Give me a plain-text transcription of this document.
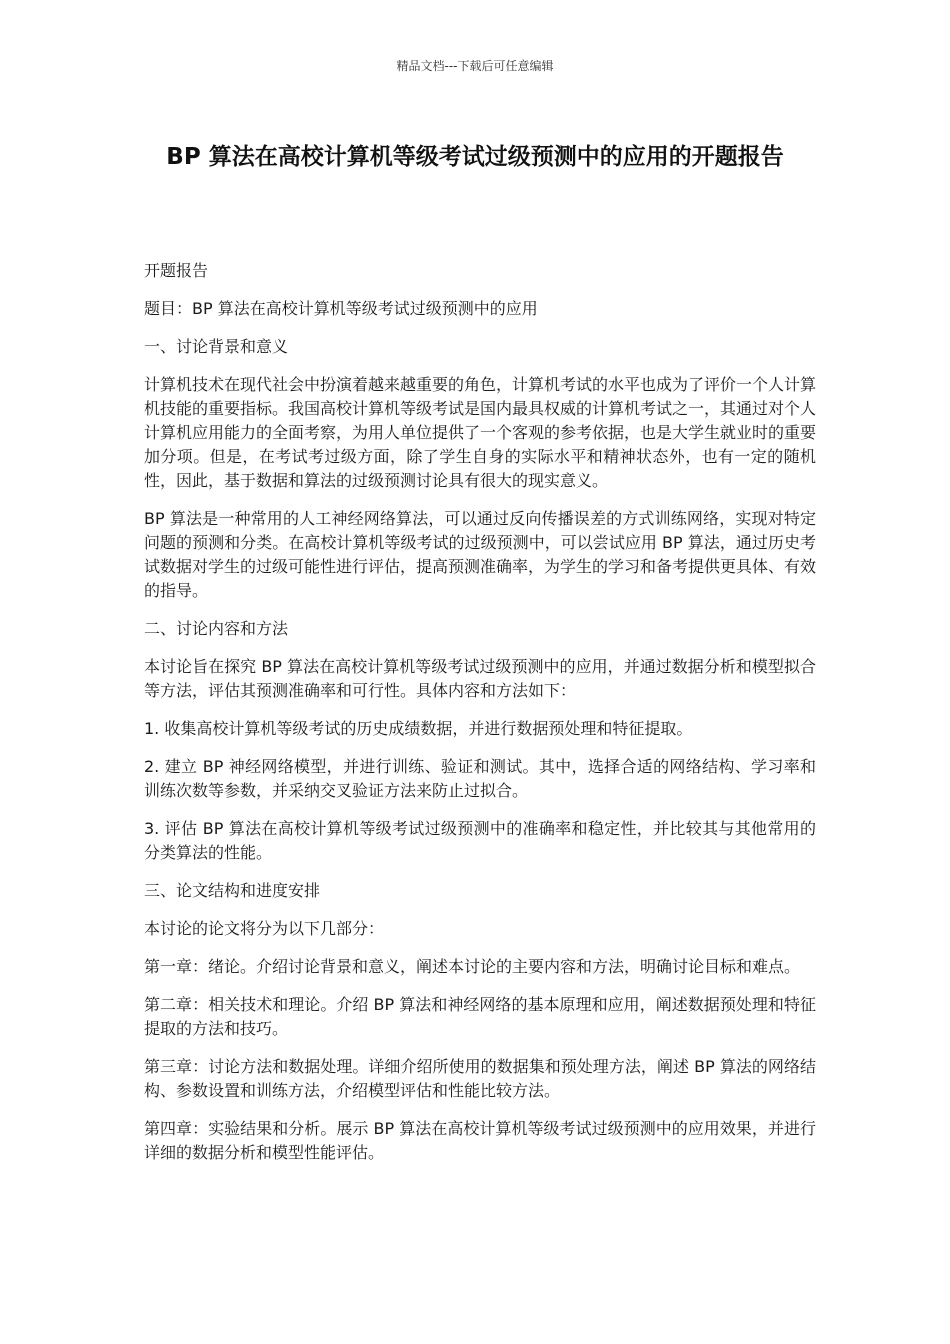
精品文档---下载后可任意编辑
BP 算法在高校计算机等级考试过级预测中的应用的开题报告

开题报告

题目：BP 算法在高校计算机等级考试过级预测中的应用

一、讨论背景和意义

计算机技术在现代社会中扮演着越来越重要的角色，计算机考试的水平也成为了评价一个人计算机技能的重要指标。我国高校计算机等级考试是国内最具权威的计算机考试之一，其通过对个人计算机应用能力的全面考察，为用人单位提供了一个客观的参考依据，也是大学生就业时的重要加分项。但是，在考试考过级方面，除了学生自身的实际水平和精神状态外，也有一定的随机性，因此，基于数据和算法的过级预测讨论具有很大的现实意义。

BP 算法是一种常用的人工神经网络算法，可以通过反向传播误差的方式训练网络，实现对特定问题的预测和分类。在高校计算机等级考试的过级预测中，可以尝试应用 BP 算法，通过历史考试数据对学生的过级可能性进行评估，提高预测准确率，为学生的学习和备考提供更具体、有效的指导。

二、讨论内容和方法

本讨论旨在探究 BP 算法在高校计算机等级考试过级预测中的应用，并通过数据分析和模型拟合等方法，评估其预测准确率和可行性。具体内容和方法如下：

1. 收集高校计算机等级考试的历史成绩数据，并进行数据预处理和特征提取。

2. 建立 BP 神经网络模型，并进行训练、验证和测试。其中，选择合适的网络结构、学习率和训练次数等参数，并采纳交叉验证方法来防止过拟合。

3. 评估 BP 算法在高校计算机等级考试过级预测中的准确率和稳定性，并比较其与其他常用的分类算法的性能。

三、论文结构和进度安排

本讨论的论文将分为以下几部分：

第一章：绪论。介绍讨论背景和意义，阐述本讨论的主要内容和方法，明确讨论目标和难点。

第二章：相关技术和理论。介绍 BP 算法和神经网络的基本原理和应用，阐述数据预处理和特征提取的方法和技巧。

第三章：讨论方法和数据处理。详细介绍所使用的数据集和预处理方法，阐述 BP 算法的网络结构、参数设置和训练方法，介绍模型评估和性能比较方法。

第四章：实验结果和分析。展示 BP 算法在高校计算机等级考试过级预测中的应用效果，并进行详细的数据分析和模型性能评估。
